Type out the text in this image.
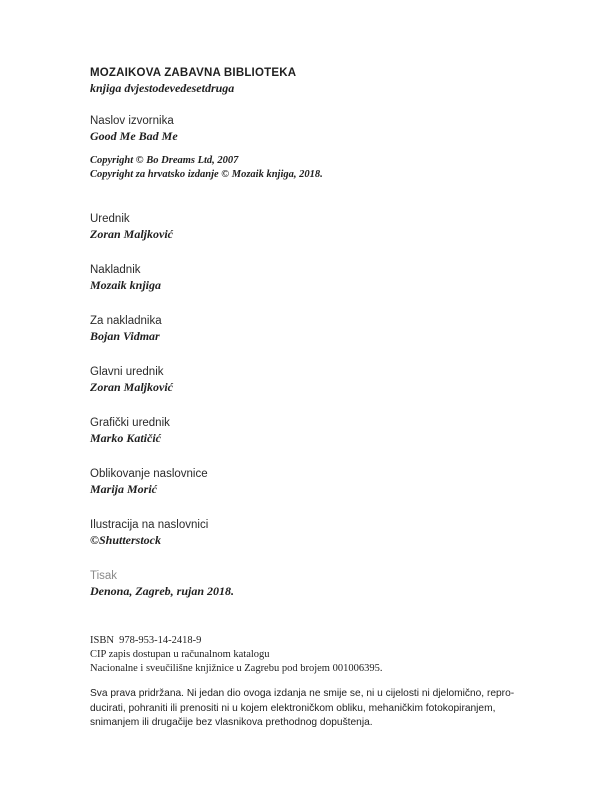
MOZAIKOVA ZABAVNA BIBLIOTEKA
knjiga dvjestodevedesetdruga
Naslov izvornika
Good Me Bad Me
Copyright © Bo Dreams Ltd, 2007
Copyright za hrvatsko izdanje © Mozaik knjiga, 2018.
Urednik
Zoran Maljković
Nakladnik
Mozaik knjiga
Za nakladnika
Bojan Vidmar
Glavni urednik
Zoran Maljković
Grafički urednik
Marko Katičić
Oblikovanje naslovnice
Marija Morić
Ilustracija na naslovnici
©Shutterstock
Tisak
Denona, Zagreb, rujan 2018.
ISBN  978-953-14-2418-9
CIP zapis dostupan u računalnom katalogu
Nacionalne i sveučilišne knjižnice u Zagrebu pod brojem 001006395.

Sva prava pridržana. Ni jedan dio ovoga izdanja ne smije se, ni u cijelosti ni djelomično, repro-

ducirati, pohraniti ili prenositi ni u kojem elektroničkom obliku, mehaničkim fotokopiranjem,

snimanjem ili drugačije bez vlasnikova prethodnog dopuštenja.
